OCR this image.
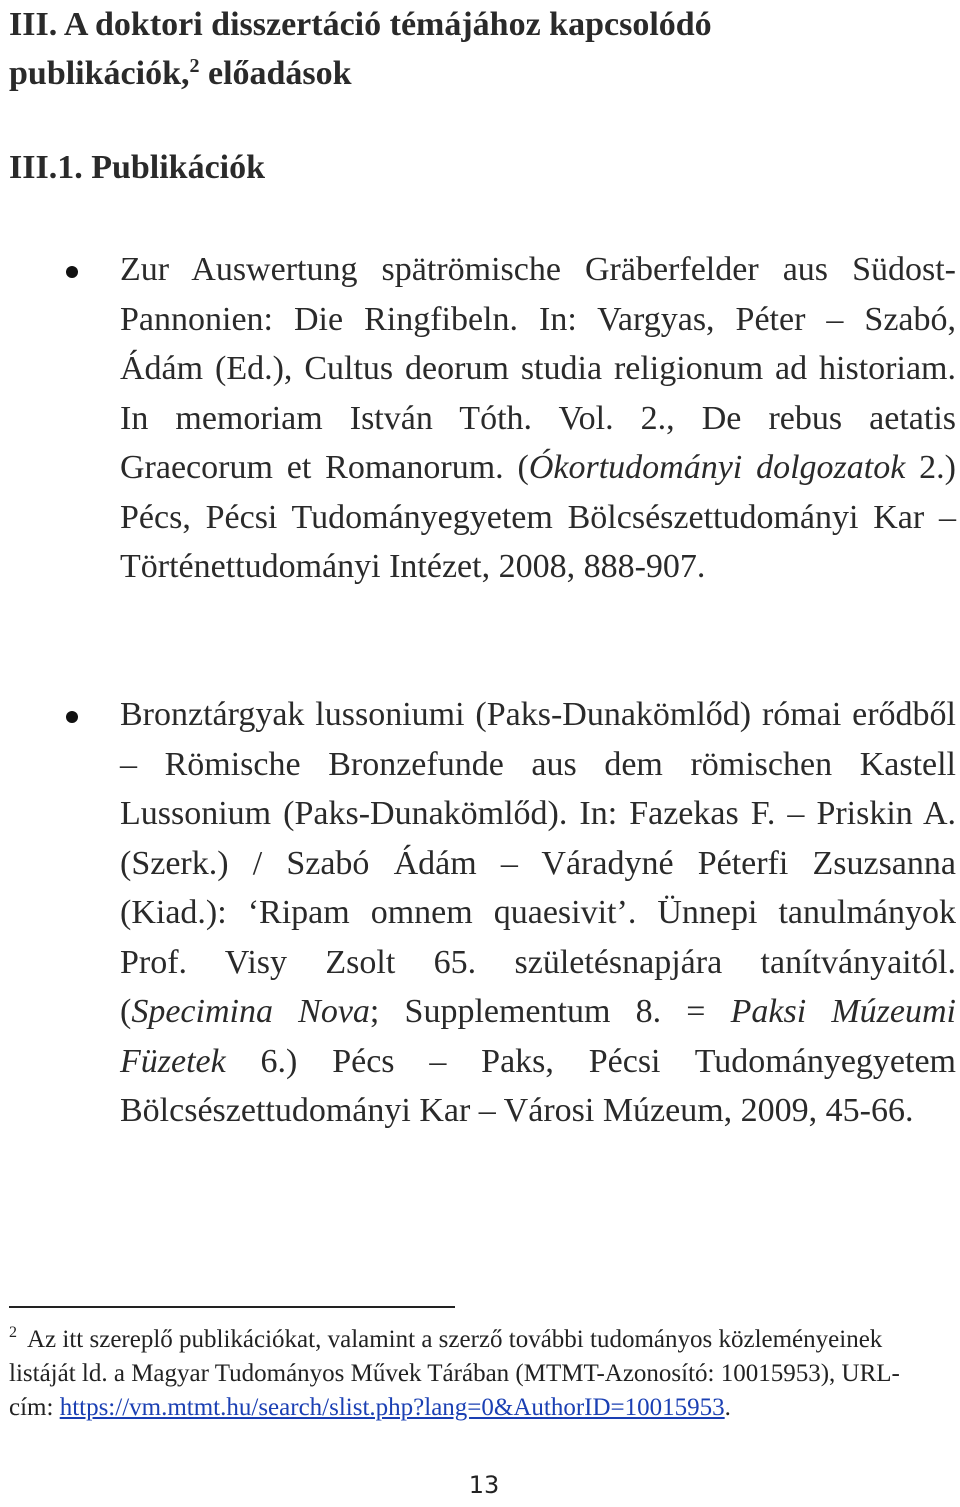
III. A doktori disszertáció témájához kapcsolódó
publikációk,$^2$ előadások
III.1. Publikációk

Zur Auswertung spätrömische Gräberfelder aus Südost-Pannonien: Die Ringfibeln. In: Vargyas, Péter – Szabó, Ádám (Ed.), Cultus deorum studia religionum ad historiam. In memoriam István Tóth. Vol. 2., De rebus aetatis Graecorum et Romanorum. (Ókortudományi dolgozatok 2.) Pécs, Pécsi Tudományegyetem Bölcsészettudományi Kar – Történettudományi Intézet, 2008, 888-907.

Bronztárgyak lussoniumi (Paks-Dunakömlőd) római erődből – Römische Bronzefunde aus dem römischen Kastell Lussonium (Paks-Dunakömlőd). In: Fazekas F. – Priskin A. (Szerk.) / Szabó Ádám – Váradyné Péterfi Zsuzsanna (Kiad.): ‘Ripam omnem quaesivit’. Ünnepi tanulmányok Prof. Visy Zsolt 65. születésnapjára tanítványaitól. (Specimina Nova; Supplementum 8. = Paksi Múzeumi Füzetek 6.) Pécs – Paks, Pécsi Tudományegyetem Bölcsészettudományi Kar – Városi Múzeum, 2009, 45-66.

$^2$ Az itt szereplő publikációkat, valamint a szerző további tudományos közleményeinek listáját ld. a Magyar Tudományos Művek Tárában (MTMT-Azonosító: 10015953), URL-cím: https://vm.mtmt.hu/search/slist.php?lang=0&AuthorID=10015953.

13
